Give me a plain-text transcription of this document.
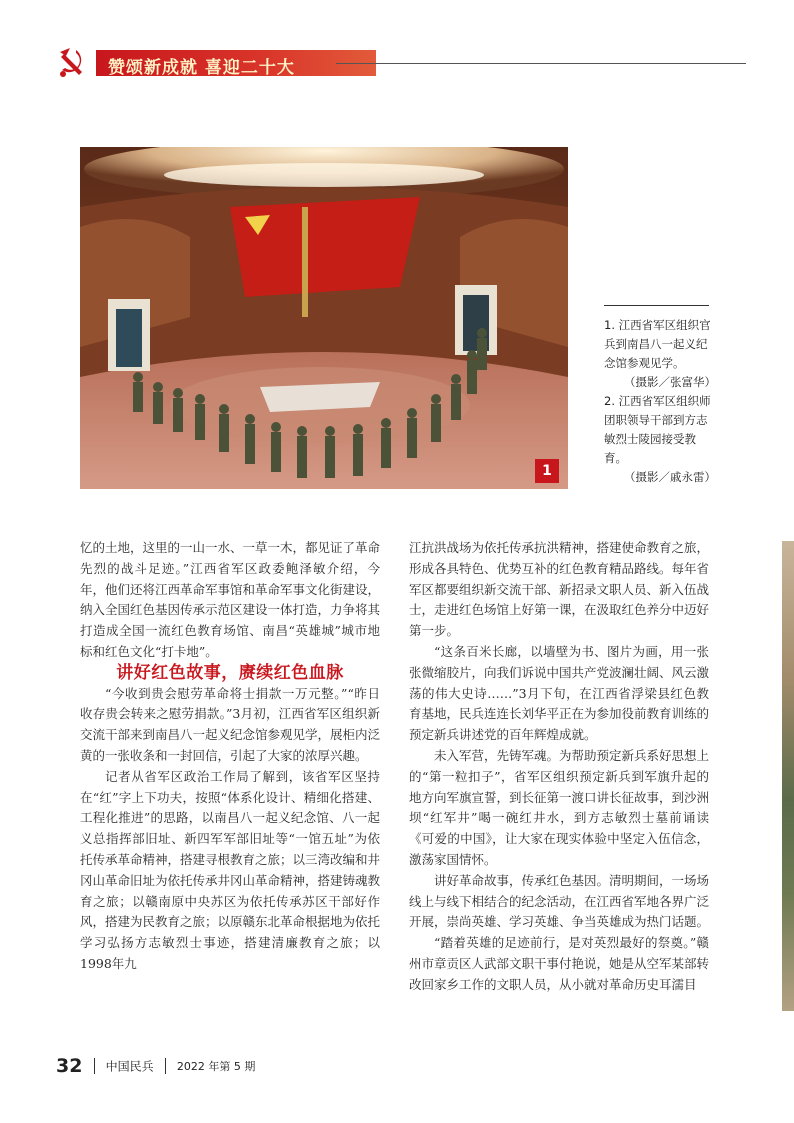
赞颂新成就 喜迎二十大
1

1. 江西省军区组织官兵到南昌八一起义纪念馆参观见学。

（摄影／张富华）

2. 江西省军区组织师团职领导干部到方志敏烈士陵园接受教育。

（摄影／戚永雷）

忆的土地，这里的一山一水、一草一木，都见证了革命先烈的战斗足迹。”江西省军区政委鲍泽敏介绍，今年，他们还将江西革命军事馆和革命军事文化街建设，纳入全国红色基因传承示范区建设一体打造，力争将其打造成全国一流红色教育场馆、南昌“英雄城”城市地标和红色文化“打卡地”。

讲好红色故事，赓续红色血脉

“今收到贵会慰劳革命将士捐款一万元整。”“昨日收存贵会转来之慰劳捐款。”3月初，江西省军区组织新交流干部来到南昌八一起义纪念馆参观见学，展柜内泛黄的一张收条和一封回信，引起了大家的浓厚兴趣。

记者从省军区政治工作局了解到，该省军区坚持在“红”字上下功夫，按照“体系化设计、精细化搭建、工程化推进”的思路，以南昌八一起义纪念馆、八一起义总指挥部旧址、新四军军部旧址等“一馆五址”为依托传承革命精神，搭建寻根教育之旅；以三湾改编和井冈山革命旧址为依托传承井冈山革命精神，搭建铸魂教育之旅；以赣南原中央苏区为依托传承苏区干部好作风，搭建为民教育之旅；以原赣东北革命根据地为依托学习弘扬方志敏烈士事迹，搭建清廉教育之旅；以1998年九

江抗洪战场为依托传承抗洪精神，搭建使命教育之旅，形成各具特色、优势互补的红色教育精品路线。每年省军区都要组织新交流干部、新招录文职人员、新入伍战士，走进红色场馆上好第一课，在汲取红色养分中迈好第一步。

“这条百米长廊，以墙壁为书、图片为画，用一张张微缩胶片，向我们诉说中国共产党波澜壮阔、风云激荡的伟大史诗……”3月下旬，在江西省浮梁县红色教育基地，民兵连连长刘华平正在为参加役前教育训练的预定新兵讲述党的百年辉煌成就。

未入军营，先铸军魂。为帮助预定新兵系好思想上的“第一粒扣子”，省军区组织预定新兵到军旗升起的地方向军旗宣誓，到长征第一渡口讲长征故事，到沙洲坝“红军井”喝一碗红井水，到方志敏烈士墓前诵读《可爱的中国》，让大家在现实体验中坚定入伍信念，激荡家国情怀。

讲好革命故事，传承红色基因。清明期间，一场场线上与线下相结合的纪念活动，在江西省军地各界广泛开展，崇尚英雄、学习英雄、争当英雄成为热门话题。

“踏着英雄的足迹前行，是对英烈最好的祭奠。”赣州市章贡区人武部文职干事付艳说，她是从空军某部转改回家乡工作的文职人员，从小就对革命历史耳濡目

32 中国民兵 2022 年第 5 期
